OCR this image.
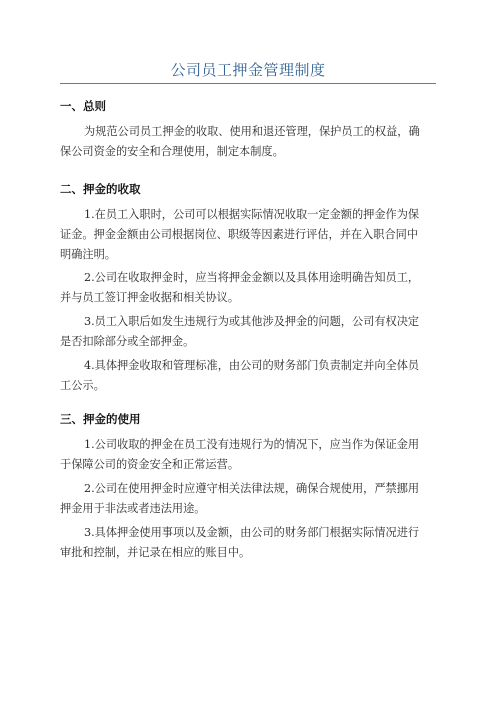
公司员工押金管理制度
一、总则
为规范公司员工押金的收取、使用和退还管理，保护员工的权益，确
保公司资金的安全和合理使用，制定本制度。
二、押金的收取
1.在员工入职时，公司可以根据实际情况收取一定金额的押金作为保
证金。押金金额由公司根据岗位、职级等因素进行评估，并在入职合同中
明确注明。
2.公司在收取押金时，应当将押金金额以及具体用途明确告知员工，
并与员工签订押金收据和相关协议。
3.员工入职后如发生违规行为或其他涉及押金的问题，公司有权决定
是否扣除部分或全部押金。
4.具体押金收取和管理标准，由公司的财务部门负责制定并向全体员
工公示。
三、押金的使用
1.公司收取的押金在员工没有违规行为的情况下，应当作为保证金用
于保障公司的资金安全和正常运营。
2.公司在使用押金时应遵守相关法律法规，确保合规使用，严禁挪用
押金用于非法或者违法用途。
3.具体押金使用事项以及金额，由公司的财务部门根据实际情况进行
审批和控制，并记录在相应的账目中。
